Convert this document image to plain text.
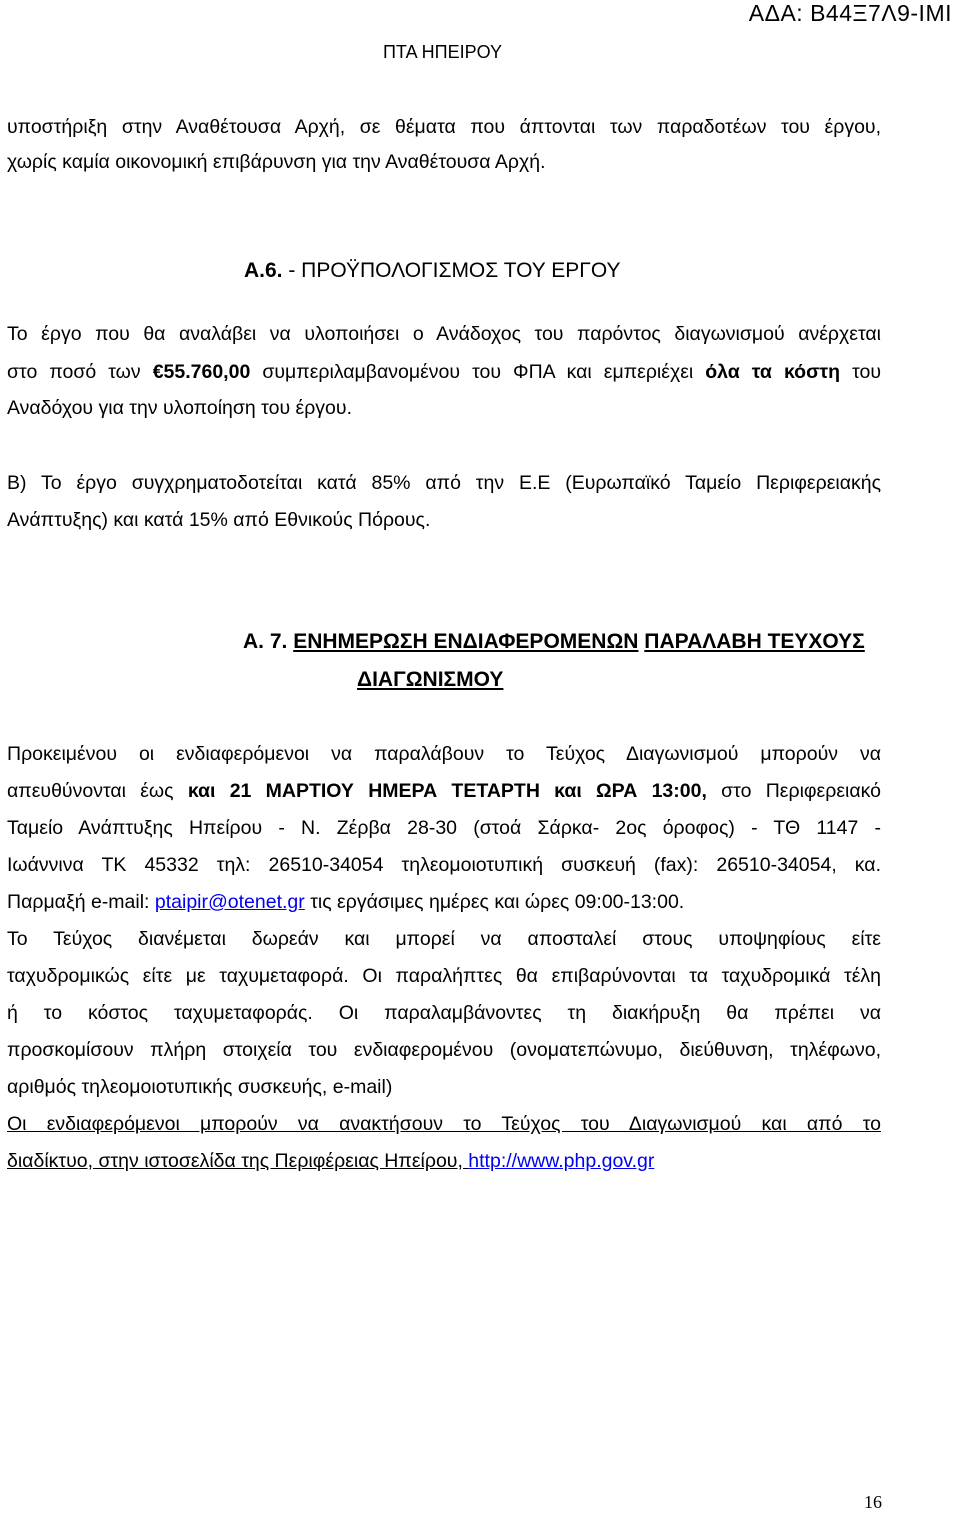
ΑΔΑ: Β44Ξ7Λ9-ΙΜΙ
ΠΤΑ ΗΠΕΙΡΟΥ
υποστήριξη στην Αναθέτουσα Αρχή, σε θέματα που άπτονται των παραδοτέων του έργου,
χωρίς καμία οικονομική επιβάρυνση για την Αναθέτουσα Αρχή.
Α.6. - ΠΡΟΫΠΟΛΟΓΙΣΜΟΣ ΤΟΥ ΕΡΓΟΥ
Το έργο που θα αναλάβει να υλοποιήσει ο Ανάδοχος του παρόντος διαγωνισμού ανέρχεται
στο ποσό των €55.760,00 συμπεριλαμβανομένου του ΦΠΑ και εμπεριέχει όλα τα κόστη του
Αναδόχου για την υλοποίηση του έργου.
Β) Το έργο συγχρηματοδοτείται κατά 85% από την Ε.Ε (Ευρωπαϊκό Ταμείο Περιφερειακής
Ανάπτυξης) και κατά 15% από Εθνικούς Πόρους.
Α. 7. ΕΝΗΜΕΡΩΣΗ ΕΝΔΙΑΦΕΡΟΜΕΝΩΝ ΠΑΡΑΛΑΒΗ ΤΕΥΧΟΥΣ
ΔΙΑΓΩΝΙΣΜΟΥ
Προκειμένου οι ενδιαφερόμενοι να παραλάβουν το Τεύχος Διαγωνισμού μπορούν να
απευθύνονται έως και 21 ΜΑΡΤΙΟΥ ΗΜΕΡΑ ΤΕΤΑΡΤΗ και ΩΡΑ 13:00, στο Περιφερειακό
Ταμείο Ανάπτυξης Ηπείρου - Ν. Ζέρβα 28-30 (στοά Σάρκα- 2ος όροφος) - ΤΘ 1147 -
Ιωάννινα ΤΚ 45332 τηλ: 26510-34054 τηλεομοιοτυπική συσκευή (fax): 26510-34054, κα.
Παρμαξή e-mail: ptaipir@otenet.gr τις εργάσιμες ημέρες και ώρες 09:00-13:00.
Το Τεύχος διανέμεται δωρεάν και μπορεί να αποσταλεί στους υποψηφίους είτε
ταχυδρομικώς είτε με ταχυμεταφορά. Οι παραλήπτες θα επιβαρύνονται τα ταχυδρομικά τέλη
ή το κόστος ταχυμεταφοράς. Οι παραλαμβάνοντες τη διακήρυξη θα πρέπει να
προσκομίσουν πλήρη στοιχεία του ενδιαφερομένου (ονοματεπώνυμο, διεύθυνση, τηλέφωνο,
αριθμός τηλεομοιοτυπικής συσκευής, e-mail)
Οι ενδιαφερόμενοι μπορούν να ανακτήσουν το Τεύχος του Διαγωνισμού και από το
διαδίκτυο, στην ιστοσελίδα της Περιφέρειας Ηπείρου, http://www.php.gov.gr
16
